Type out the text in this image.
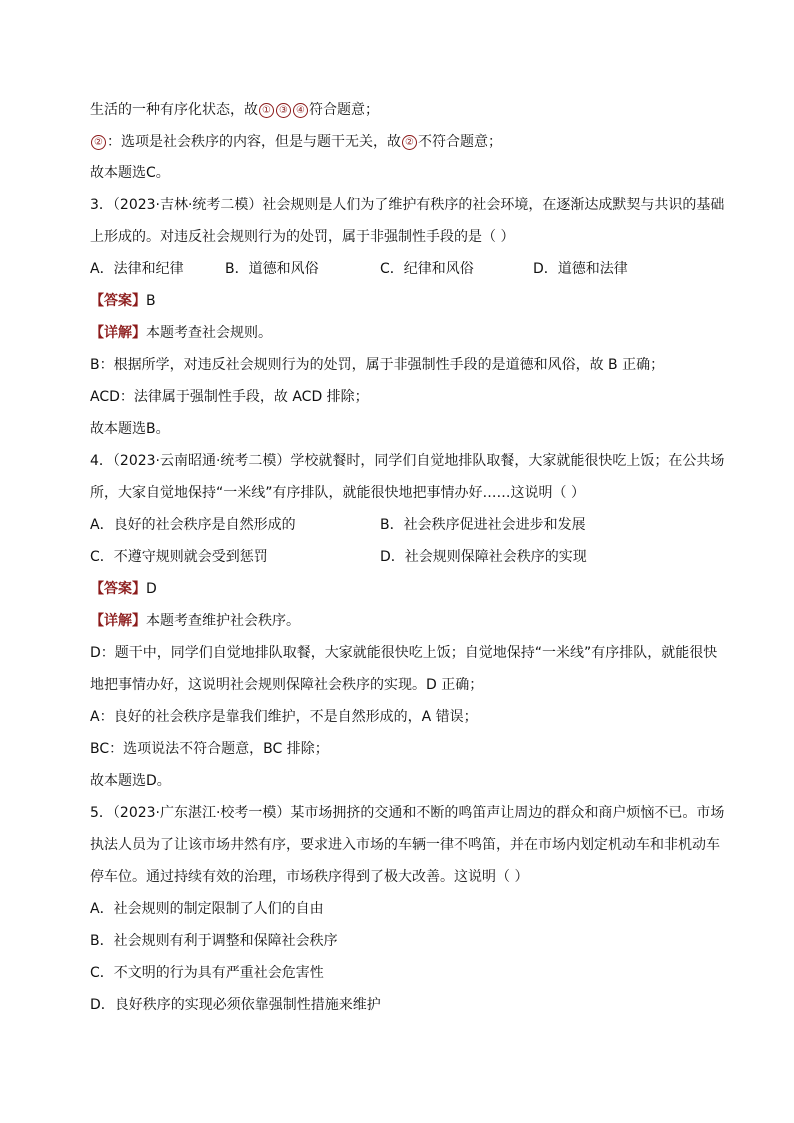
生活的一种有序化状态，故 ① ③ ④ 符合题意；
② ：选项是社会秩序的内容，但是与题干无关，故 ② 不符合题意；
故本题选C。
3．（2023·吉林·统考二模）社会规则是人们为了维护有秩序的社会环境，在逐渐达成默契与共识的基础
上形成的。对违反社会规则行为的处罚，属于非强制性手段的是（ ）
A．法律和纪律	B．道德和风俗	C．纪律和风俗	D．道德和法律
【答案】B
【详解】本题考查社会规则。
B：根据所学，对违反社会规则行为的处罚，属于非强制性手段的是道德和风俗，故 B 正确；
ACD：法律属于强制性手段，故 ACD 排除；
故本题选B。
4．（2023·云南昭通·统考二模）学校就餐时，同学们自觉地排队取餐，大家就能很快吃上饭；在公共场
所，大家自觉地保持“一米线”有序排队，就能很快地把事情办好……这说明（ ）
A．良好的社会秩序是自然形成的	B．社会秩序促进社会进步和发展
C．不遵守规则就会受到惩罚	D．社会规则保障社会秩序的实现
【答案】D
【详解】本题考查维护社会秩序。
D：题干中，同学们自觉地排队取餐，大家就能很快吃上饭；自觉地保持“一米线”有序排队，就能很快
地把事情办好，这说明社会规则保障社会秩序的实现。D 正确；
A：良好的社会秩序是靠我们维护，不是自然形成的，A 错误；
BC：选项说法不符合题意，BC 排除；
故本题选D。
5．（2023·广东湛江·校考一模）某市场拥挤的交通和不断的鸣笛声让周边的群众和商户烦恼不已。市场
执法人员为了让该市场井然有序，要求进入市场的车辆一律不鸣笛，并在市场内划定机动车和非机动车
停车位。通过持续有效的治理，市场秩序得到了极大改善。这说明（ ）
A．社会规则的制定限制了人们的自由
B．社会规则有利于调整和保障社会秩序
C．不文明的行为具有严重社会危害性
D．良好秩序的实现必须依靠强制性措施来维护
